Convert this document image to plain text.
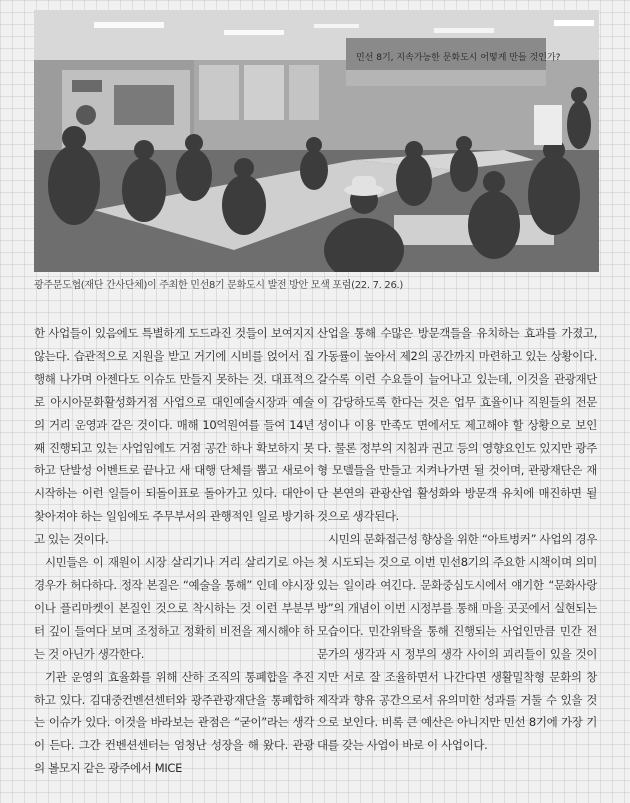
민선 8기, 지속가능한 문화도시 어떻게 만들 것인가?
광주문도협(재단 간사단체)이 주최한 민선8기 문화도시 발전 방안 모색 포럼(22. 7. 26.)

한 사업들이 있음에도 특별하게 도드라진 것들이 보여지지 않는다. 습관적으로 지원을 받고 거기에 시비를 얹어서 집행해 나가며 아젠다도 이슈도 만들지 못하는 것. 대표적으로 아시아문화활성화거점 사업으로 대인예술시장과 예술의 거리 운영과 같은 것이다. 매해 10억원여를 들여 14년째 진행되고 있는 사업임에도 거점 공간 하나 확보하지 못하고 단발성 이벤트로 끝나고 새 대행 단체를 뽑고 새로이 시작하는 이런 일들이 되돌이표로 돌아가고 있다. 대안이 찾아져야 하는 일임에도 주무부서의 관행적인 일로 방기하고 있는 것이다.

시민들은 이 재원이 시장 살리기나 거리 살리기로 아는 경우가 허다하다. 정작 본질은 “예술을 통해” 인데 야시장이나 플리마켓이 본질인 것으로 착시하는 것 이런 부분부터 깊이 들여다 보며 조정하고 정확히 비전을 제시해야 하는 것 아닌가 생각한다.

기관 운영의 효율화를 위해 산하 조직의 통폐합을 추진하고 있다. 김대중컨벤션센터와 광주관광재단을 통폐합하는 이슈가 있다. 이것을 바라보는 관점은 “굳이”라는 생각이 든다. 그간 컨벤션센터는 엄청난 성장을 해 왔다. 관광의 볼모지 같은 광주에서 MICE

산업을 통해 수많은 방문객들을 유치하는 효과를 가졌고, 가동률이 높아서 제2의 공간까지 마련하고 있는 상황이다. 갈수록 이런 수요들이 늘어나고 있는데, 이것을 관광재단이 감당하도록 한다는 것은 업무 효율이나 직원들의 전문성이나 이용 만족도 면에서도 제고해야 할 상황으로 보인다. 물론 정부의 지침과 권고 등의 영향요인도 있지만 광주형 모델들을 만들고 지켜나가면 될 것이며, 관광재단은 재단 본연의 관광산업 활성화와 방문객 유치에 매진하면 될 것으로 생각된다.

시민의 문화접근성 향상을 위한 “아트벙커” 사업의 경우 첫 시도되는 것으로 이번 민선8기의 주요한 시책이며 의미있는 일이라 여긴다. 문화중심도시에서 얘기한 “문화사랑방”의 개념이 이번 시정부를 통해 마을 곳곳에서 실현되는 모습이다. 민간위탁을 통해 진행되는 사업인만큼 민간 전문가의 생각과 시 정부의 생각 사이의 괴리들이 있을 것이지만 서로 잘 조율하면서 나간다면 생활밀착형 문화의 창제작과 향유 공간으로서 유의미한 성과를 거둘 수 있을 것으로 보인다. 비록 큰 예산은 아니지만 민선 8기에 가장 기대를 갖는 사업이 바로 이 사업이다.
